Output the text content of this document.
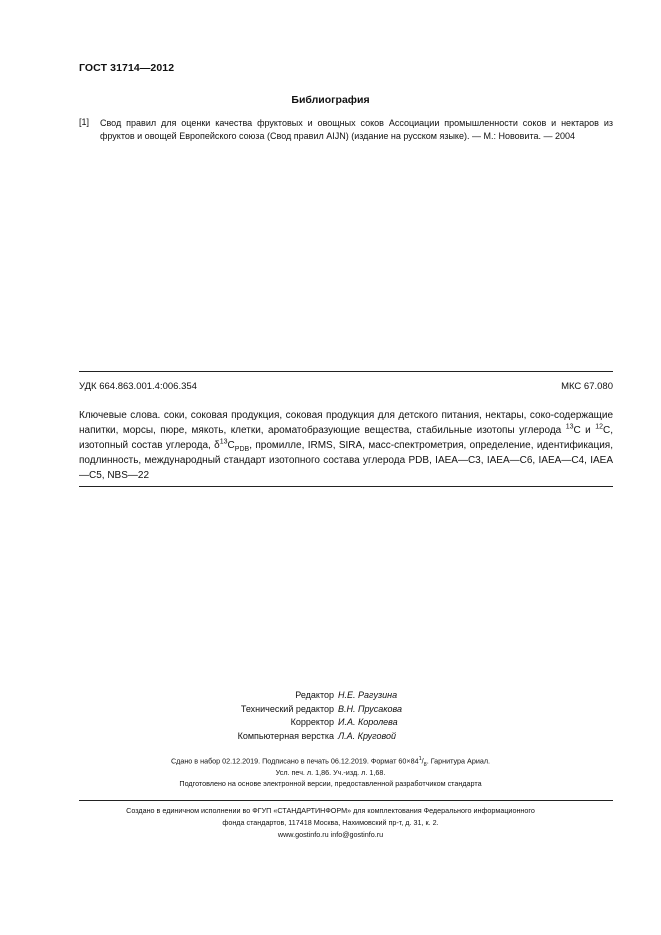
ГОСТ 31714—2012
Библиография
[1] Свод правил для оценки качества фруктовых и овощных соков Ассоциации промышленности соков и нектаров из фруктов и овощей Европейского союза (Свод правил AIJN) (издание на русском языке). — М.: Нововита. — 2004
УДК 664.863.001.4:006.354	МКС 67.080
Ключевые слова. соки, соковая продукция, соковая продукция для детского питания, нектары, соко-содержащие напитки, морсы, пюре, мякоть, клетки, ароматобразующие вещества, стабильные изотопы углерода $^{13}$С и $^{12}$С, изотопный состав углерода, $\delta^{13}С_{PDB}$, промилле, IRMS, SIRA, масс-спектрометрия, определение, идентификация, подлинность, международный стандарт изотопного состава углерода PDB, IAEA—C3, IAEA—C6, IAEA—C4, IAEA—C5, NBS—22
Редактор Н.Е. Рагузина
Технический редактор В.Н. Прусакова
Корректор И.А. Королева
Компьютерная верстка Л.А. Круговой
Сдано в набор 02.12.2019. Подписано в печать 06.12.2019. Формат $60\times 84^1/_8$. Гарнитура Ариал.
Усл. печ. л. 1,86. Уч.-изд. л. 1,68.
Подготовлено на основе электронной версии, предоставленной разработчиком стандарта
Создано в единичном исполнении во ФГУП «СТАНДАРТИНФОРМ» для комплектования Федерального информационного
фонда стандартов, 117418 Москва, Нахимовский пр-т, д. 31, к. 2.
www.gostinfo.ru info@gostinfo.ru
